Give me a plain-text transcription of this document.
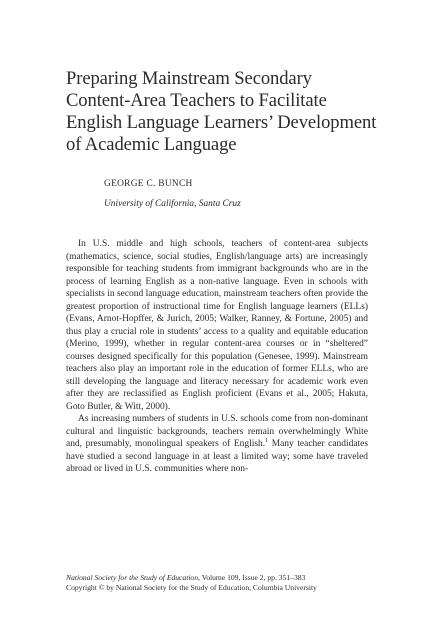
Preparing Mainstream Secondary
Content-Area Teachers to Facilitate
English Language Learners’ Development
of Academic Language
GEORGE C. BUNCH
University of California, Santa Cruz

In U.S. middle and high schools, teachers of content-area subjects (mathematics, science, social studies, English/language arts) are increasingly responsible for teaching students from immigrant backgrounds who are in the process of learning English as a non-native language. Even in schools with specialists in second language education, mainstream teachers often provide the greatest proportion of instructional time for English language learners (ELLs) (Evans, Arnot-Hopffer, & Jurich, 2005; Walker, Ranney, & Fortune, 2005) and thus play a crucial role in students’ access to a quality and equitable education (Merino, 1999), whether in regular content-area courses or in “sheltered” courses designed specifically for this population (Genesee, 1999). Mainstream teachers also play an important role in the education of former ELLs, who are still developing the language and literacy necessary for academic work even after they are reclassified as English proficient (Evans et al., 2005; Hakuta, Goto Butler, & Witt, 2000).

As increasing numbers of students in U.S. schools come from non-dominant cultural and linguistic backgrounds, teachers remain overwhelmingly White and, presumably, monolingual speakers of English.$^1$ Many teacher candidates have studied a second language in at least a limited way; some have traveled abroad or lived in U.S. communities where non-

National Society for the Study of Education, Volume 109, Issue 2, pp. 351–383
Copyright © by National Society for the Study of Education, Columbia University
